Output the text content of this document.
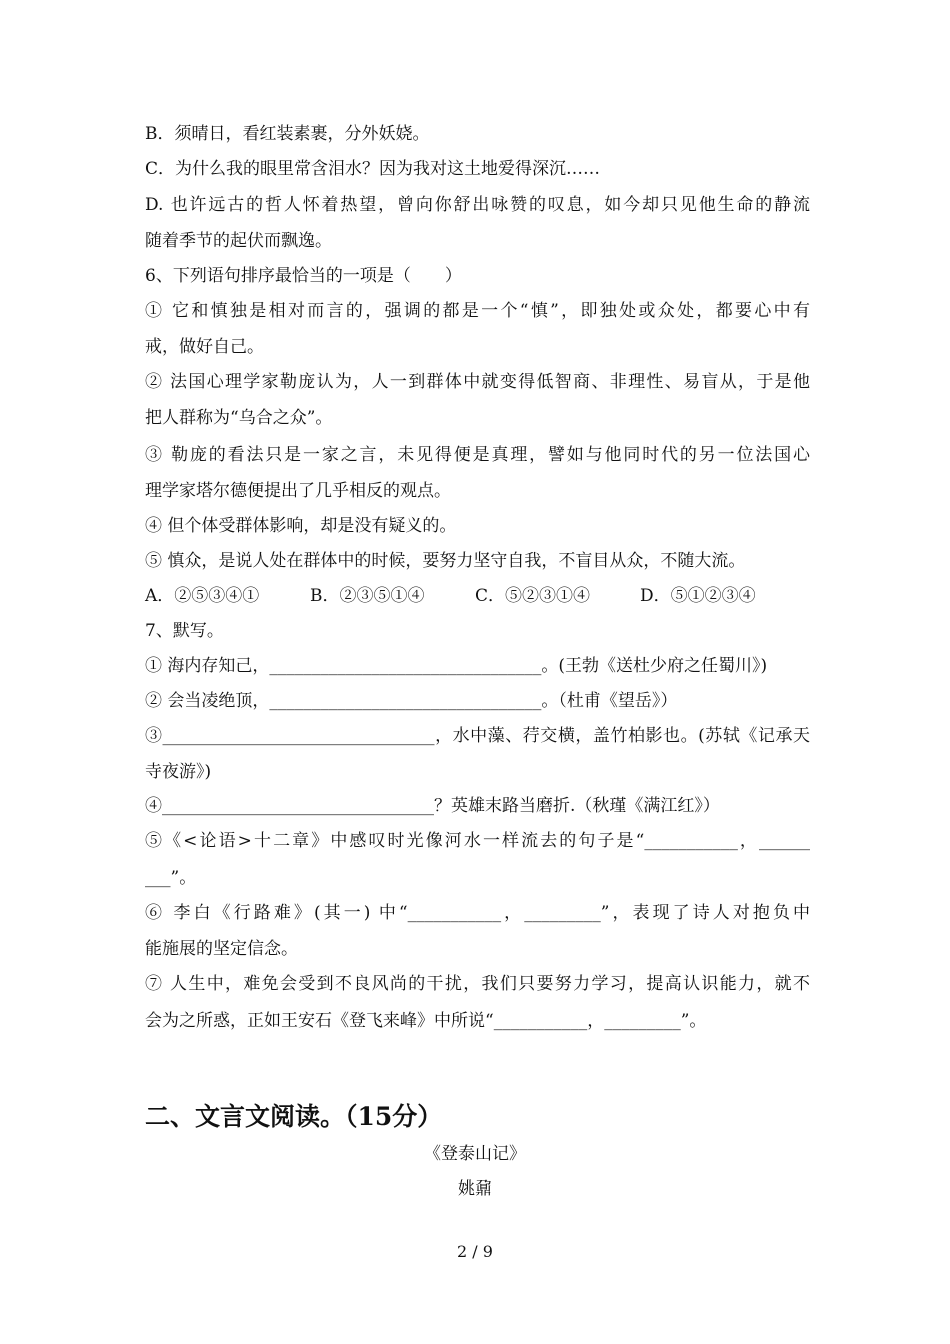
B．须晴日，看红装素裹，分外妖娆。
C．为什么我的眼里常含泪水？因为我对这土地爱得深沉……
D. 也许远古的哲人怀着热望，曾向你舒出咏赞的叹息，如今却只见他生命的静流
随着季节的起伏而飘逸。
6、下列语句排序最恰当的一项是（　　）
① 它和慎独是相对而言的，强调的都是一个“慎”，即独处或众处，都要心中有
戒，做好自己。
② 法国心理学家勒庞认为，人一到群体中就变得低智商、非理性、易盲从，于是他
把人群称为“乌合之众”。
③ 勒庞的看法只是一家之言，未见得便是真理，譬如与他同时代的另一位法国心
理学家塔尔德便提出了几乎相反的观点。
④ 但个体受群体影响，却是没有疑义的。
⑤ 慎众，是说人处在群体中的时候，要努力坚守自我，不盲目从众，不随大流。
A．②⑤③④①	B．②③⑤①④	C．⑤②③①④	D．⑤①②③④
7、默写。
① 海内存知己，________________________________。(王勃《送杜少府之任蜀川》)
② 会当凌绝顶，________________________________。（杜甫《望岳》）
③________________________________，水中藻、荇交横，盖竹柏影也。(苏轼《记承天
寺夜游》)
④________________________________？英雄末路当磨折.（秋瑾《满江红》）
⑤《<论语>十二章》中感叹时光像河水一样流去的句子是“___________，______
___”。
⑥ 李白《行路难》(其一) 中“___________，_________”，表现了诗人对抱负中
能施展的坚定信念。
⑦ 人生中，难免会受到不良风尚的干扰，我们只要努力学习，提高认识能力，就不
会为之所惑，正如王安石《登飞来峰》中所说“___________，_________”。
二、文言文阅读。（15分）
《登泰山记》
姚鼐
2 / 9
